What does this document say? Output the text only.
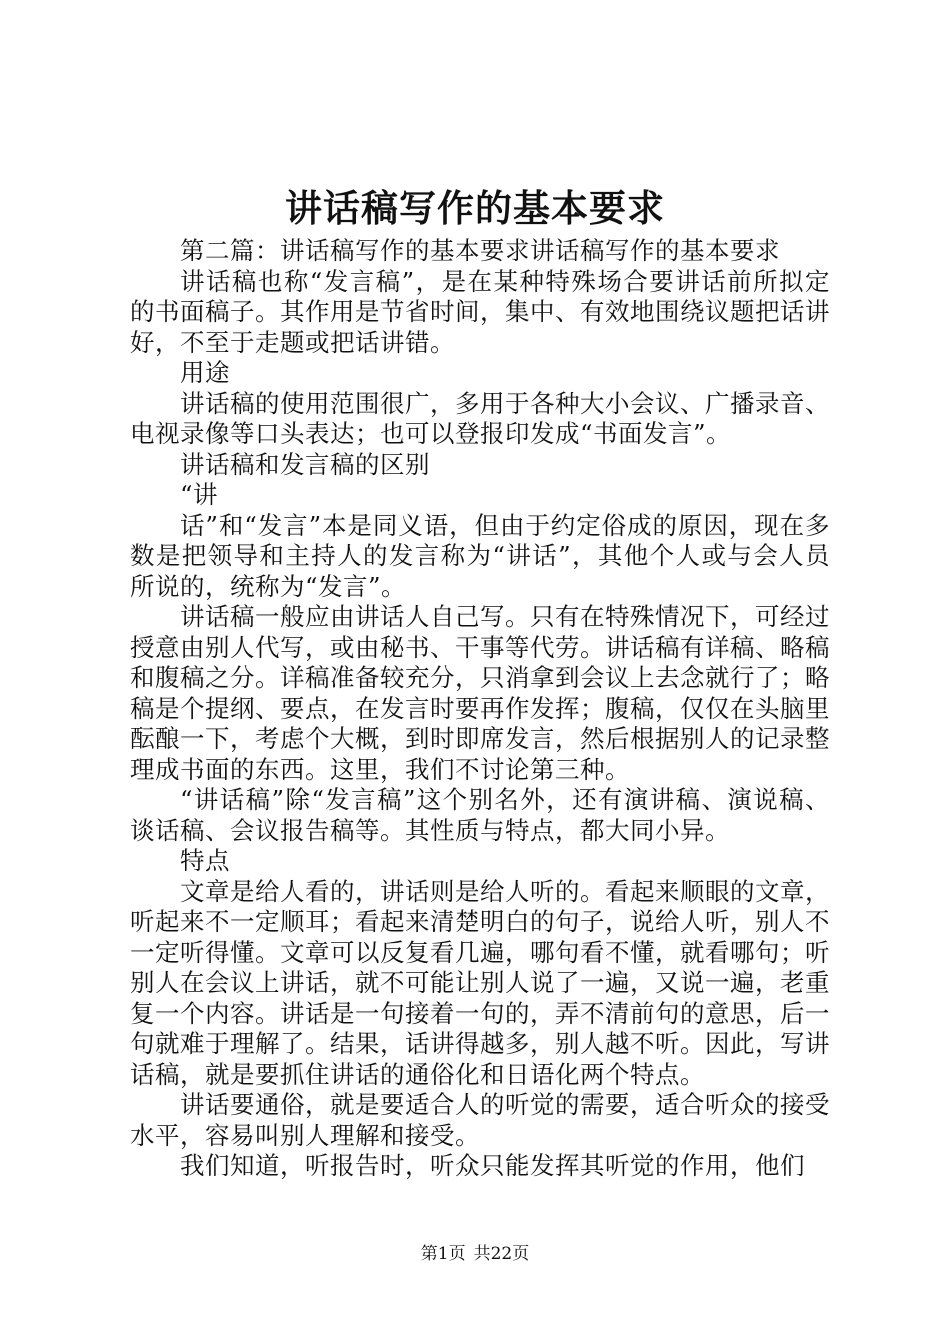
讲话稿写作的基本要求

第二篇：讲话稿写作的基本要求讲话稿写作的基本要求

讲话稿也称“发言稿”，是在某种特殊场合要讲话前所拟定的书面稿子。其作用是节省时间，集中、有效地围绕议题把话讲好，不至于走题或把话讲错。

用途

讲话稿的使用范围很广，多用于各种大小会议、广播录音、电视录像等口头表达；也可以登报印发成“书面发言”。

讲话稿和发言稿的区别

“讲

话”和“发言”本是同义语，但由于约定俗成的原因，现在多数是把领导和主持人的发言称为“讲话”，其他个人或与会人员所说的，统称为“发言”。

讲话稿一般应由讲话人自己写。只有在特殊情况下，可经过授意由别人代写，或由秘书、干事等代劳。讲话稿有详稿、略稿和腹稿之分。详稿准备较充分，只消拿到会议上去念就行了；略稿是个提纲、要点，在发言时要再作发挥；腹稿，仅仅在头脑里酝酿一下，考虑个大概，到时即席发言，然后根据别人的记录整理成书面的东西。这里，我们不讨论第三种。

“讲话稿”除“发言稿”这个别名外，还有演讲稿、演说稿、谈话稿、会议报告稿等。其性质与特点，都大同小异。

特点

文章是给人看的，讲话则是给人听的。看起来顺眼的文章，听起来不一定顺耳；看起来清楚明白的句子，说给人听，别人不一定听得懂。文章可以反复看几遍，哪句看不懂，就看哪句；听别人在会议上讲话，就不可能让别人说了一遍，又说一遍，老重复一个内容。讲话是一句接着一句的，弄不清前句的意思，后一句就难于理解了。结果，话讲得越多，别人越不听。因此，写讲话稿，就是要抓住讲话的通俗化和日语化两个特点。

讲话要通俗，就是要适合人的听觉的需要，适合听众的接受水平，容易叫别人理解和接受。

我们知道，听报告时，听众只能发挥其听觉的作用，他们

第1页 共22页
